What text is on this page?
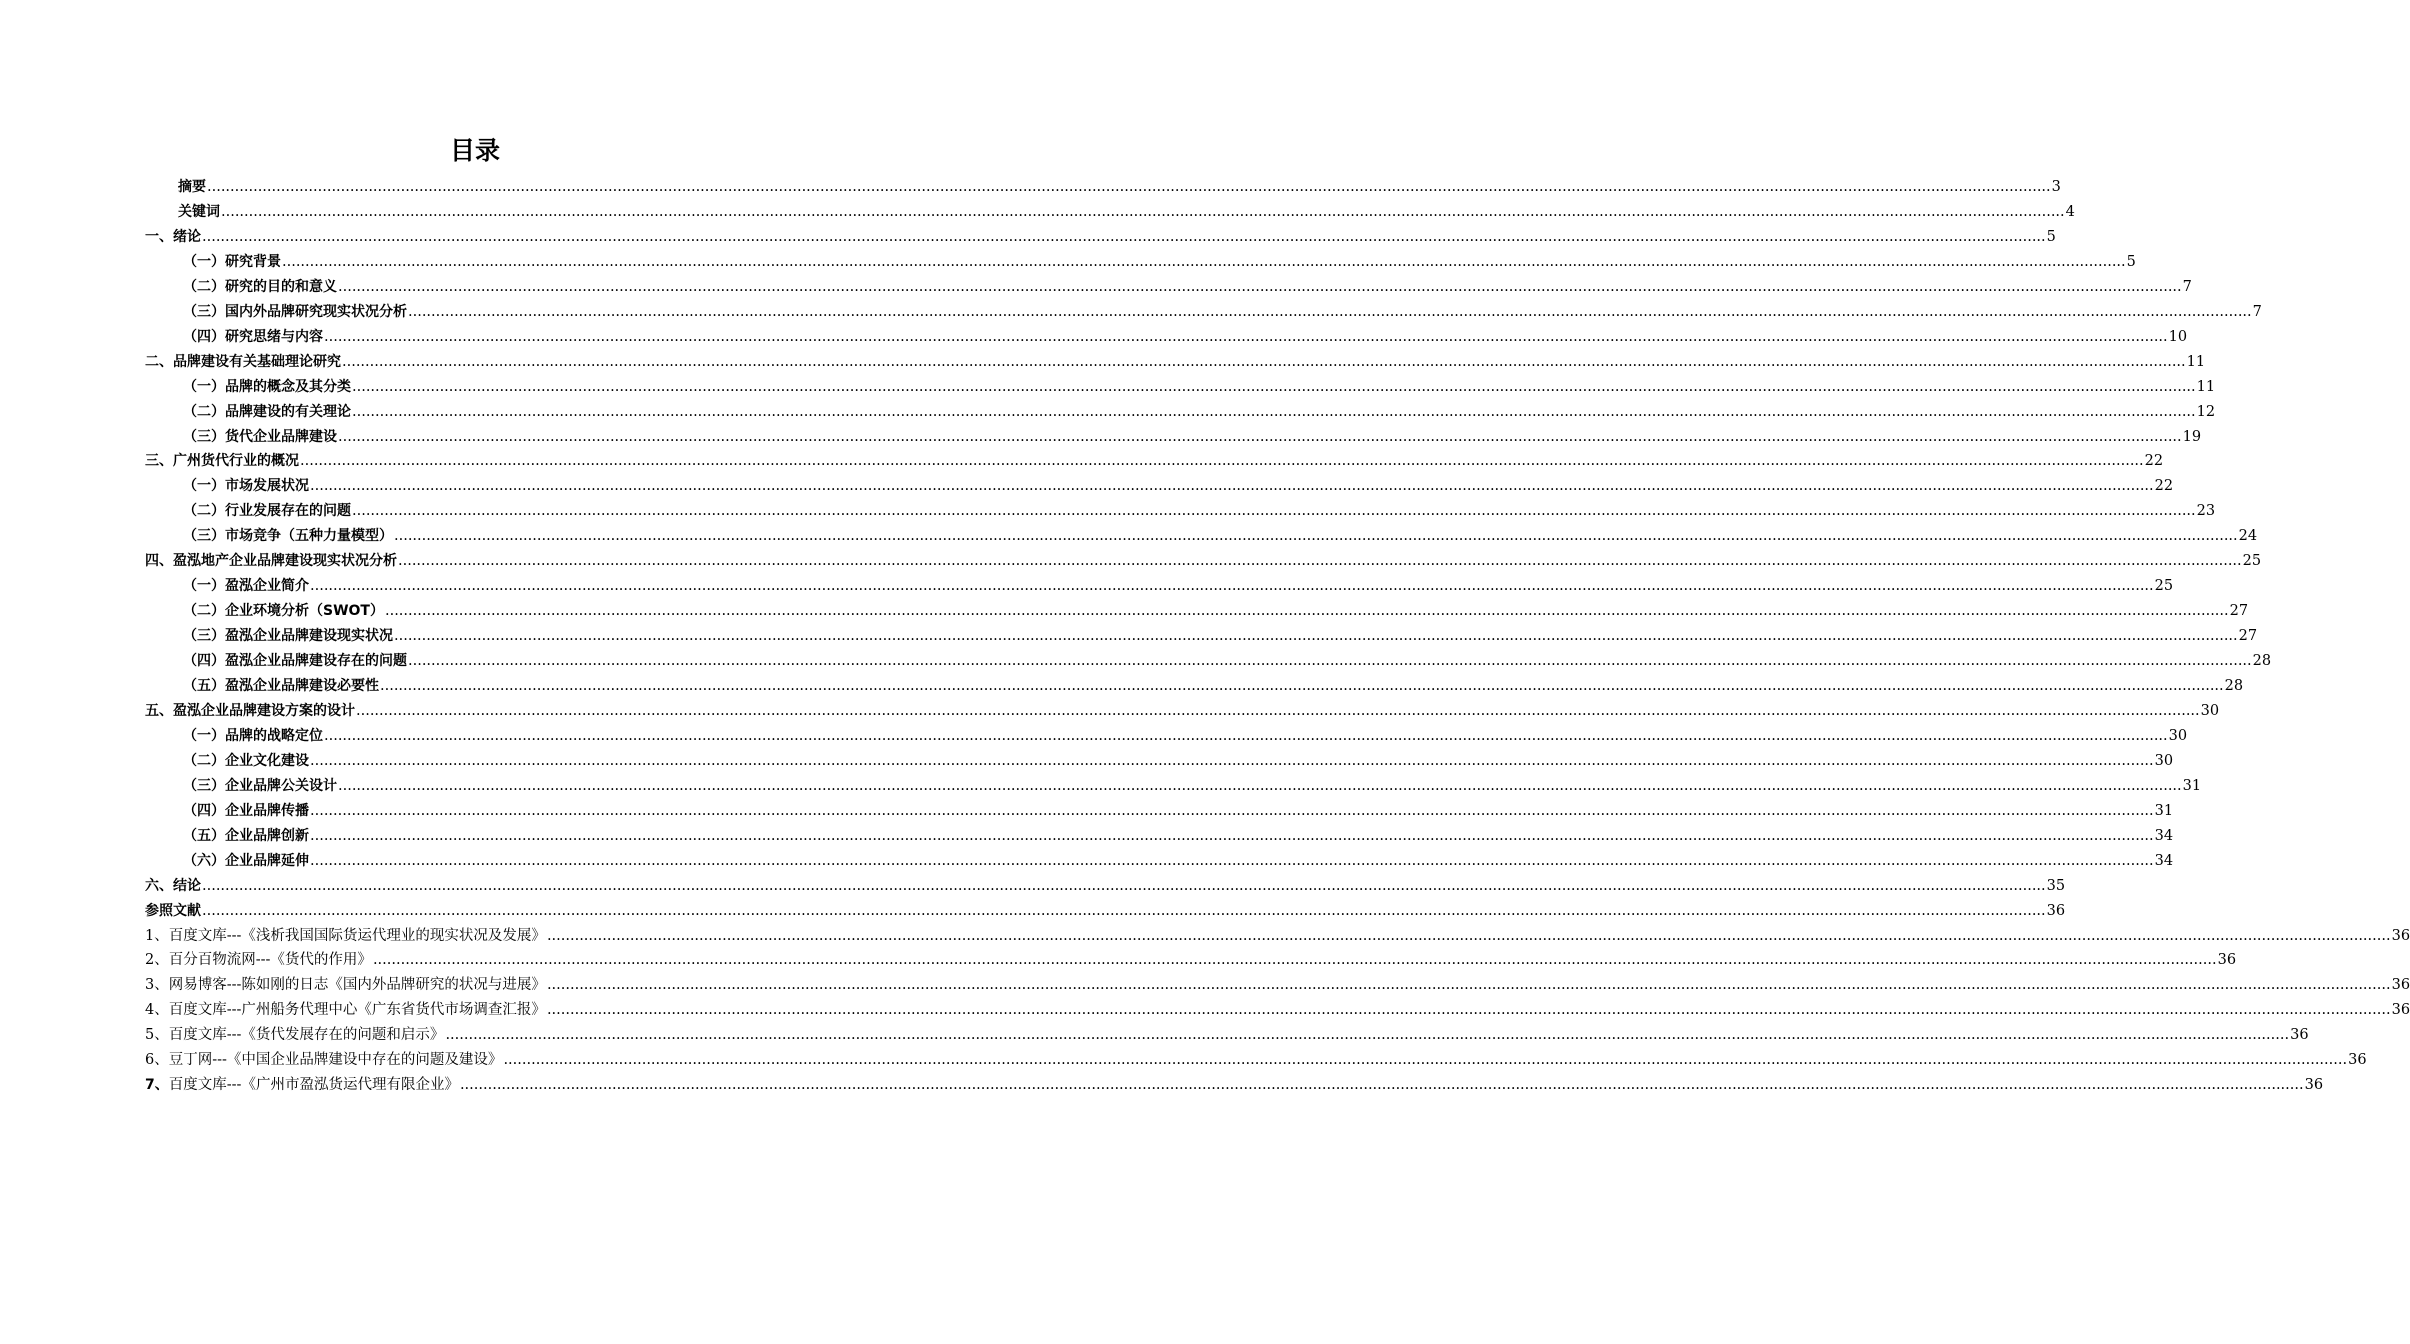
目录
摘要 ................................................................................................................................................................................................................................................................................................................................................................................................................ 3
关键词 ................................................................................................................................................................................................................................................................................................................................................................................................................ 4
一、 绪论 ................................................................................................................................................................................................................................................................................................................................................................................................................ 5
（一） 研究背景 ................................................................................................................................................................................................................................................................................................................................................................................................................ 5
（二） 研究的目的和意义 ................................................................................................................................................................................................................................................................................................................................................................................................................ 7
（三） 国内外品牌研究现实状况分析 ................................................................................................................................................................................................................................................................................................................................................................................................................ 7
（四） 研究思绪与内容 ................................................................................................................................................................................................................................................................................................................................................................................................................ 10
二、 品牌建设有关基础理论研究 ................................................................................................................................................................................................................................................................................................................................................................................................................ 11
（一） 品牌的概念及其分类 ................................................................................................................................................................................................................................................................................................................................................................................................................ 11
（二） 品牌建设的有关理论 ................................................................................................................................................................................................................................................................................................................................................................................................................ 12
（三） 货代企业品牌建设 ................................................................................................................................................................................................................................................................................................................................................................................................................ 19
三、 广州货代行业的概况 ................................................................................................................................................................................................................................................................................................................................................................................................................ 22
（一） 市场发展状况 ................................................................................................................................................................................................................................................................................................................................................................................................................ 22
（二） 行业发展存在的问题 ................................................................................................................................................................................................................................................................................................................................................................................................................ 23
（三） 市场竞争（五种力量模型） ................................................................................................................................................................................................................................................................................................................................................................................................................ 24
四、 盈泓地产企业品牌建设现实状况分析 ................................................................................................................................................................................................................................................................................................................................................................................................................ 25
（一） 盈泓企业简介 ................................................................................................................................................................................................................................................................................................................................................................................................................ 25
（二） 企业环境分析（SWOT） ................................................................................................................................................................................................................................................................................................................................................................................................................ 27
（三） 盈泓企业品牌建设现实状况 ................................................................................................................................................................................................................................................................................................................................................................................................................ 27
（四） 盈泓企业品牌建设存在的问题 ................................................................................................................................................................................................................................................................................................................................................................................................................ 28
（五） 盈泓企业品牌建设必要性 ................................................................................................................................................................................................................................................................................................................................................................................................................ 28
五、 盈泓企业品牌建设方案的设计 ................................................................................................................................................................................................................................................................................................................................................................................................................ 30
（一） 品牌的战略定位 ................................................................................................................................................................................................................................................................................................................................................................................................................ 30
（二） 企业文化建设 ................................................................................................................................................................................................................................................................................................................................................................................................................ 30
（三） 企业品牌公关设计 ................................................................................................................................................................................................................................................................................................................................................................................................................ 31
（四） 企业品牌传播 ................................................................................................................................................................................................................................................................................................................................................................................................................ 31
（五） 企业品牌创新 ................................................................................................................................................................................................................................................................................................................................................................................................................ 34
（六） 企业品牌延伸 ................................................................................................................................................................................................................................................................................................................................................................................................................ 34
六、 结论 ................................................................................................................................................................................................................................................................................................................................................................................................................ 35
参照文献 ................................................................................................................................................................................................................................................................................................................................................................................................................ 36
1、 百度文库---《浅析我国国际货运代理业的现实状况及发展》 ................................................................................................................................................................................................................................................................................................................................................................................................................ 36
2、 百分百物流网---《货代的作用》 ................................................................................................................................................................................................................................................................................................................................................................................................................ 36
3、 网易博客---陈如刚的日志《国内外品牌研究的状况与进展》 ................................................................................................................................................................................................................................................................................................................................................................................................................ 36
4、 百度文库---广州船务代理中心《广东省货代市场调查汇报》 ................................................................................................................................................................................................................................................................................................................................................................................................................ 36
5、 百度文库---《货代发展存在的问题和启示》 ................................................................................................................................................................................................................................................................................................................................................................................................................ 36
6、 豆丁网---《中国企业品牌建设中存在的问题及建设》 ................................................................................................................................................................................................................................................................................................................................................................................................................ 36
7、 百度文库---《广州市盈泓货运代理有限企业》 ................................................................................................................................................................................................................................................................................................................................................................................................................ 36
